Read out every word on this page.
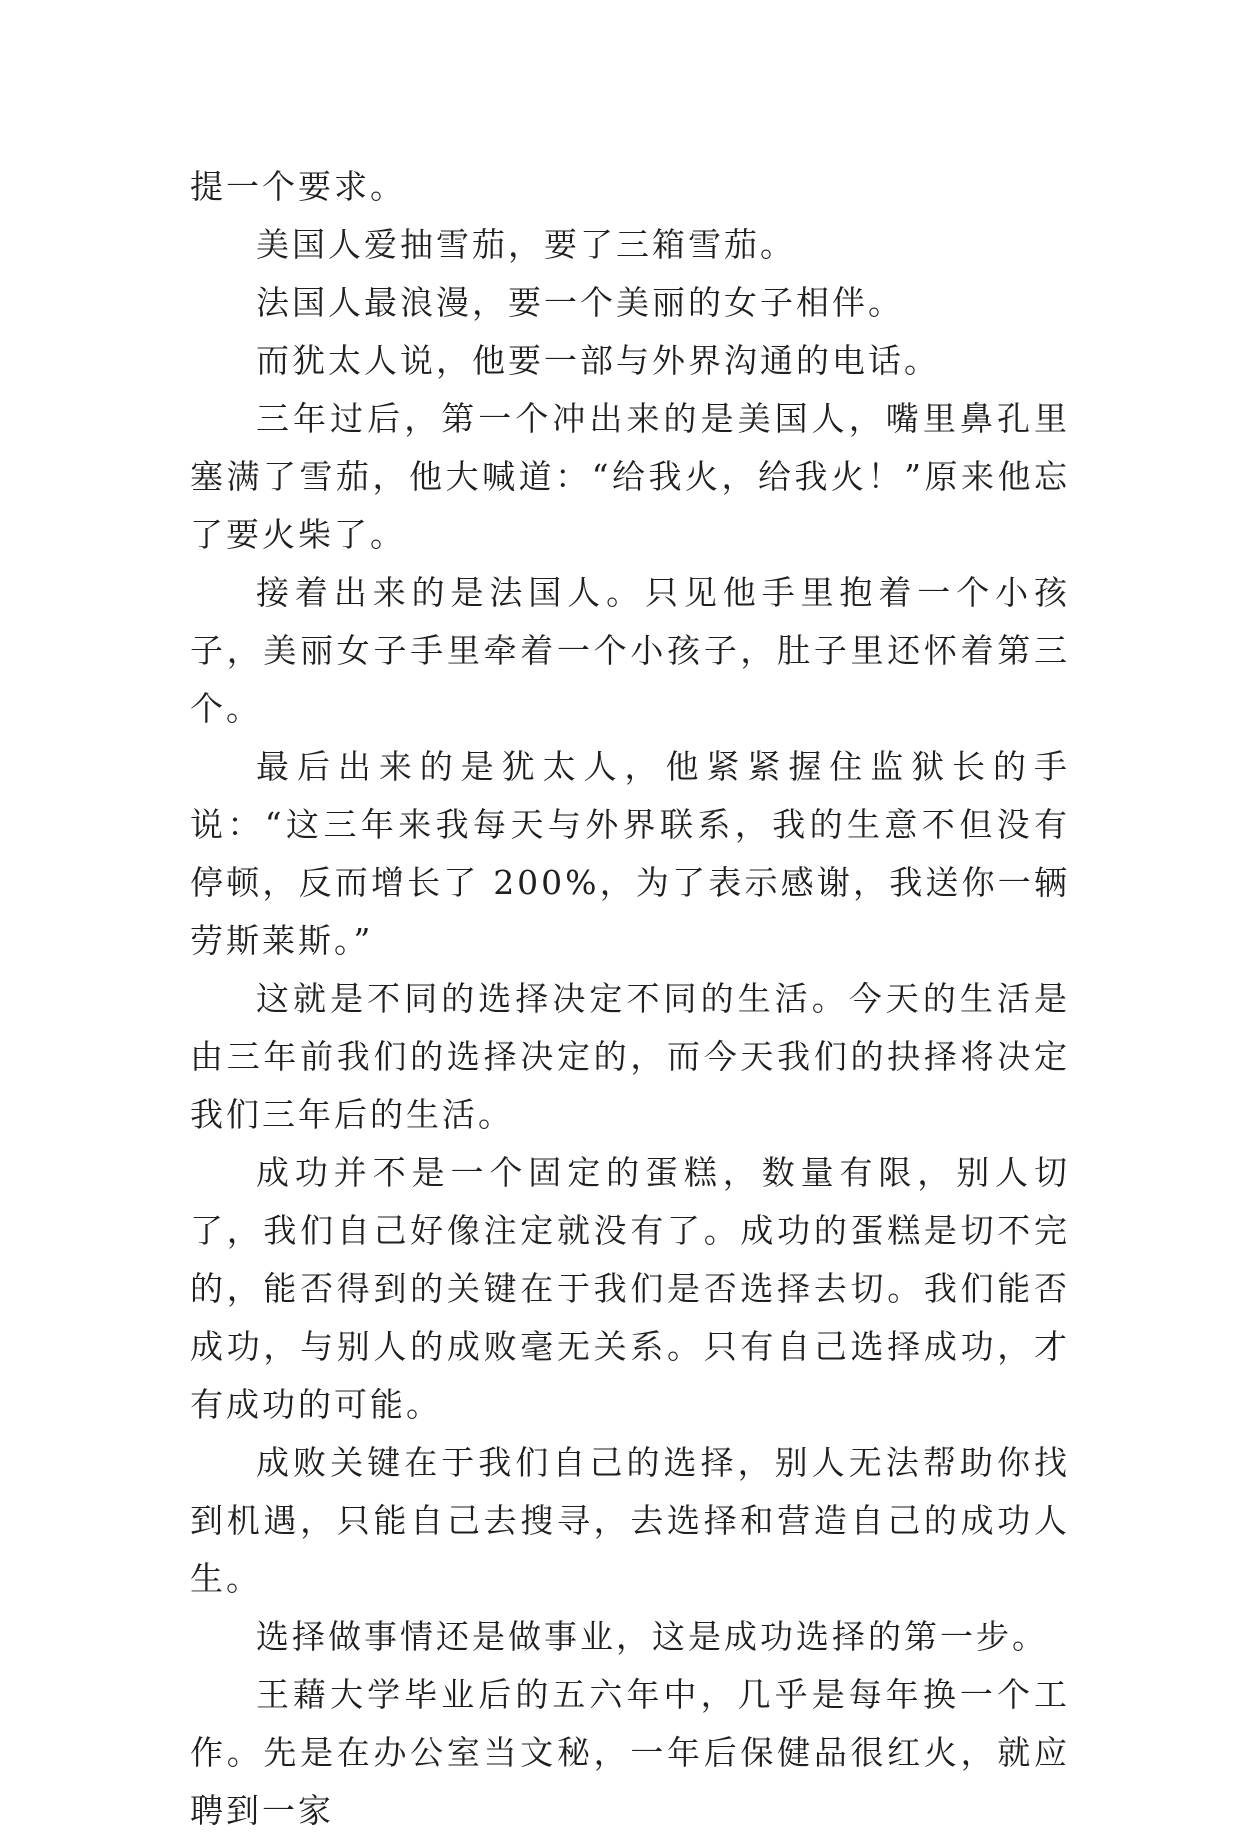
提一个要求。

美国人爱抽雪茄，要了三箱雪茄。

法国人最浪漫，要一个美丽的女子相伴。

而犹太人说，他要一部与外界沟通的电话。

三年过后，第一个冲出来的是美国人，嘴里鼻孔里塞满了雪茄，他大喊道：“给我火，给我火！”原来他忘了要火柴了。

接着出来的是法国人。只见他手里抱着一个小孩子，美丽女子手里牵着一个小孩子，肚子里还怀着第三个。

最后出来的是犹太人，他紧紧握住监狱长的手说：“这三年来我每天与外界联系，我的生意不但没有停顿，反而增长了 200%，为了表示感谢，我送你一辆劳斯莱斯。”

这就是不同的选择决定不同的生活。今天的生活是由三年前我们的选择决定的，而今天我们的抉择将决定我们三年后的生活。

成功并不是一个固定的蛋糕，数量有限，别人切了，我们自己好像注定就没有了。成功的蛋糕是切不完的，能否得到的关键在于我们是否选择去切。我们能否成功，与别人的成败毫无关系。只有自己选择成功，才有成功的可能。

成败关键在于我们自己的选择，别人无法帮助你找到机遇，只能自己去搜寻，去选择和营造自己的成功人生。

选择做事情还是做事业，这是成功选择的第一步。

王藉大学毕业后的五六年中，几乎是每年换一个工作。先是在办公室当文秘，一年后保健品很红火，就应聘到一家
